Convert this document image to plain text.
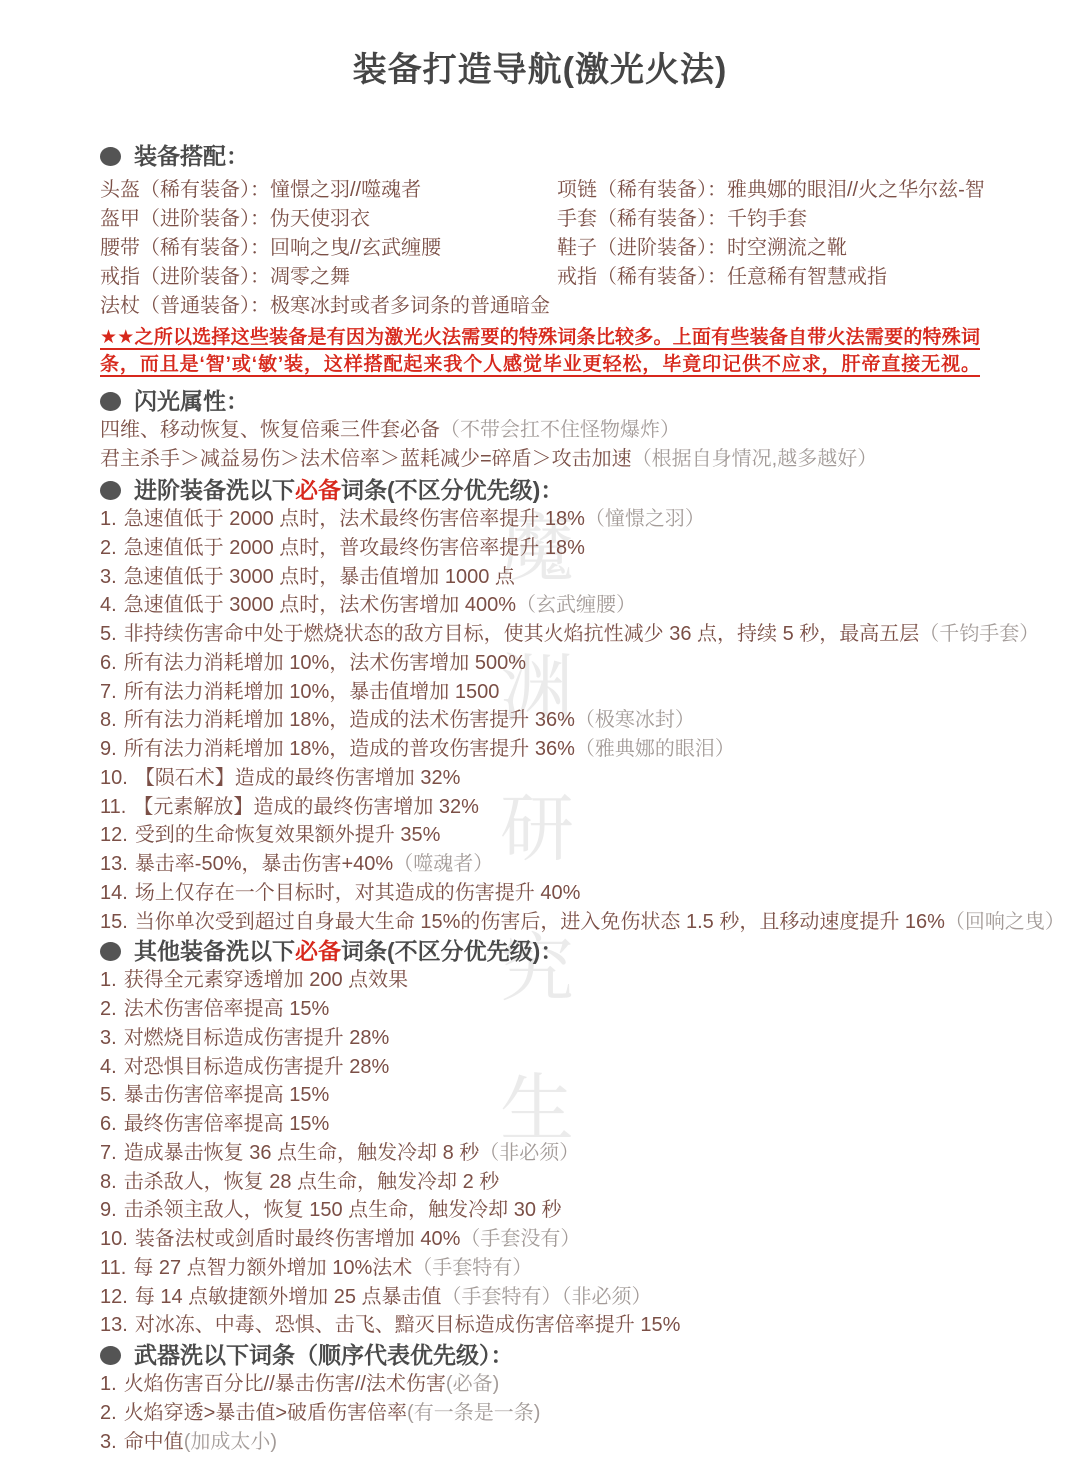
魔
渊
研
究
生
装备打造导航(激光火法)
装备搭配：
头盔（稀有装备）：憧憬之羽//噬魂者	项链（稀有装备）：雅典娜的眼泪//火之华尔兹-智
盔甲（进阶装备）：伪天使羽衣	手套（稀有装备）：千钧手套
腰带（稀有装备）：回响之曳//玄武缠腰	鞋子（进阶装备）：时空溯流之靴
戒指（进阶装备）：凋零之舞	戒指（稀有装备）：任意稀有智慧戒指
法杖（普通装备）：极寒冰封或者多词条的普通暗金

★★之所以选择这些装备是有因为激光火法需要的特殊词条比较多。上面有些装备自带火法需要的特殊词条，而且是‘智’或‘敏’装，这样搭配起来我个人感觉毕业更轻松，毕竟印记供不应求，肝帝直接无视。

闪光属性：
四维、移动恢复、恢复倍乘三件套必备（不带会扛不住怪物爆炸）
君主杀手＞减益易伤＞法术倍率＞蓝耗减少=碎盾＞攻击加速（根据自身情况,越多越好）
进阶装备洗以下 必备 词条(不区分优先级)：
1. 急速值低于 2000 点时，法术最终伤害倍率提升 18%（憧憬之羽）
2. 急速值低于 2000 点时，普攻最终伤害倍率提升 18%
3. 急速值低于 3000 点时，暴击值增加 1000 点
4. 急速值低于 3000 点时，法术伤害增加 400%（玄武缠腰）
5. 非持续伤害命中处于燃烧状态的敌方目标，使其火焰抗性减少 36 点，持续 5 秒，最高五层（千钧手套）
6. 所有法力消耗增加 10%，法术伤害增加 500%
7. 所有法力消耗增加 10%，暴击值增加 1500
8. 所有法力消耗增加 18%，造成的法术伤害提升 36%（极寒冰封）
9. 所有法力消耗增加 18%，造成的普攻伤害提升 36%（雅典娜的眼泪）
10. 【陨石术】造成的最终伤害增加 32%
11. 【元素解放】造成的最终伤害增加 32%
12. 受到的生命恢复效果额外提升 35%
13. 暴击率-50%，暴击伤害+40%（噬魂者）
14. 场上仅存在一个目标时，对其造成的伤害提升 40%
15. 当你单次受到超过自身最大生命 15%的伤害后，进入免伤状态 1.5 秒，且移动速度提升 16%（回响之曳）
其他装备洗以下 必备 词条(不区分优先级)：
1. 获得全元素穿透增加 200 点效果
2. 法术伤害倍率提高 15%
3. 对燃烧目标造成伤害提升 28%
4. 对恐惧目标造成伤害提升 28%
5. 暴击伤害倍率提高 15%
6. 最终伤害倍率提高 15%
7. 造成暴击恢复 36 点生命，触发冷却 8 秒（非必须）
8. 击杀敌人，恢复 28 点生命，触发冷却 2 秒
9. 击杀领主敌人，恢复 150 点生命，触发冷却 30 秒
10. 装备法杖或剑盾时最终伤害增加 40%（手套没有）
11. 每 27 点智力额外增加 10%法术（手套特有）
12. 每 14 点敏捷额外增加 25 点暴击值（手套特有）（非必须）
13. 对冰冻、中毒、恐惧、击飞、黯灭目标造成伤害倍率提升 15%
武器洗以下词条（顺序代表优先级）：
1. 火焰伤害百分比//暴击伤害//法术伤害(必备)
2. 火焰穿透>暴击值>破盾伤害倍率(有一条是一条)
3. 命中值(加成太小)
